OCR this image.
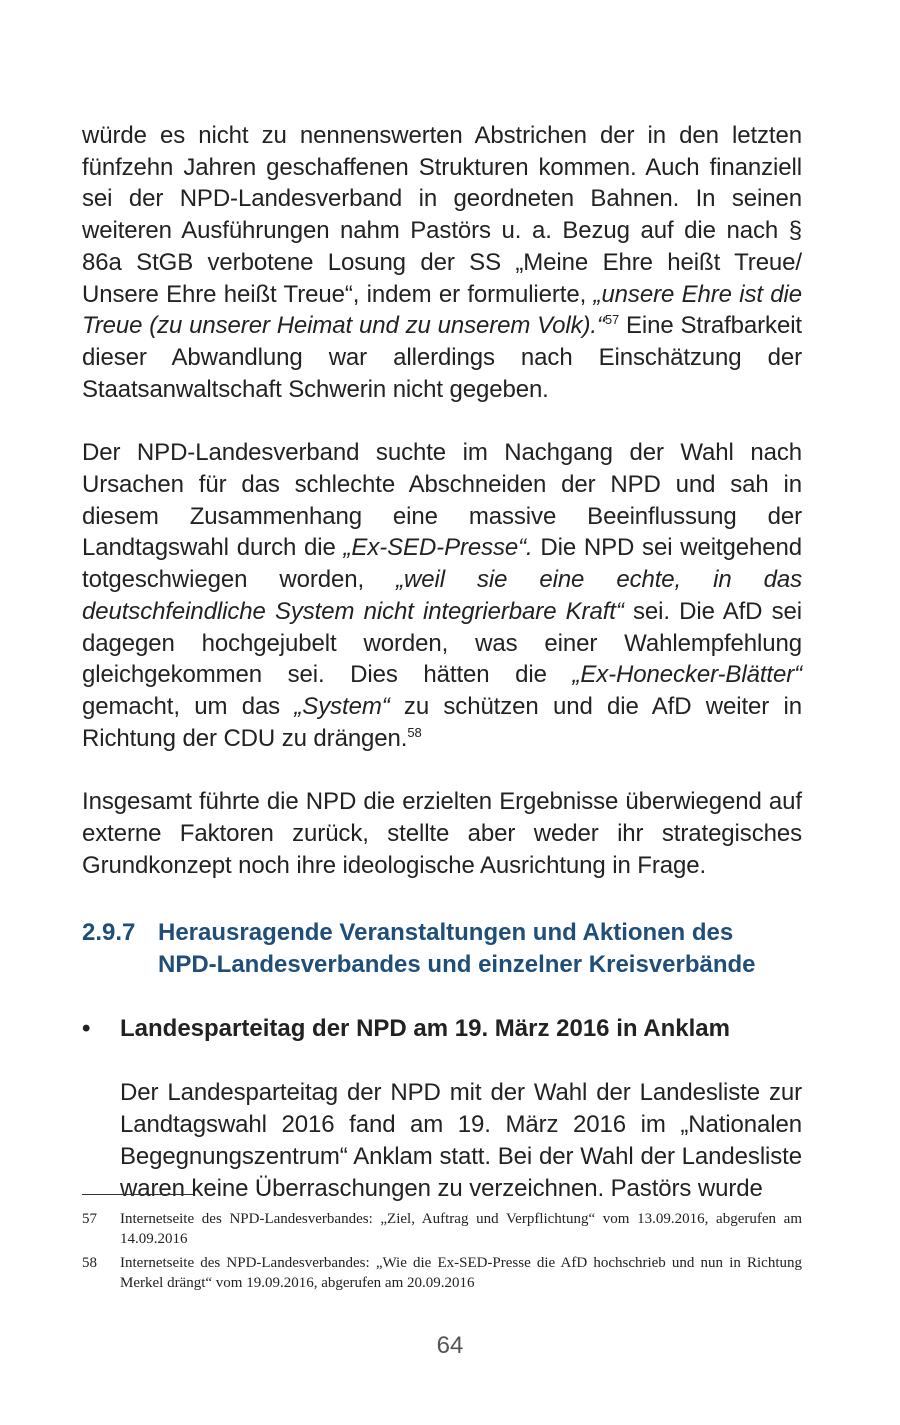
würde es nicht zu nennenswerten Abstrichen der in den letzten fünfzehn Jahren geschaffenen Strukturen kommen. Auch finanziell sei der NPD-Landesverband in geordneten Bahnen. In seinen weiteren Ausführungen nahm Pastörs u. a. Bezug auf die nach § 86a StGB verbotene Losung der SS „Meine Ehre heißt Treue/ Unsere Ehre heißt Treue“, indem er formulierte, „unsere Ehre ist die Treue (zu unserer Heimat und zu unserem Volk).“$^{57}$ Eine Strafbarkeit dieser Abwandlung war allerdings nach Einschätzung der Staatsanwaltschaft Schwerin nicht gegeben.

Der NPD-Landesverband suchte im Nachgang der Wahl nach Ursachen für das schlechte Abschneiden der NPD und sah in diesem Zusammenhang eine massive Beeinflussung der Landtagswahl durch die „Ex-SED-Presse“. Die NPD sei weitgehend totgeschwiegen worden, „weil sie eine echte, in das deutschfeindliche System nicht integrierbare Kraft“ sei. Die AfD sei dagegen hochgejubelt worden, was einer Wahlempfehlung gleichgekommen sei. Dies hätten die „Ex-Honecker-Blätter“ gemacht, um das „System“ zu schützen und die AfD weiter in Richtung der CDU zu drängen.$^{58}$

Insgesamt führte die NPD die erzielten Ergebnisse überwiegend auf externe Faktoren zurück, stellte aber weder ihr strategisches Grundkonzept noch ihre ideologische Ausrichtung in Frage.

2.9.7 Herausragende Veranstaltungen und Aktionen des
NPD-Landesverbandes und einzelner Kreisverbände
•	Landesparteitag der NPD am 19. März 2016 in Anklam

Der Landesparteitag der NPD mit der Wahl der Landesliste zur Landtagswahl 2016 fand am 19. März 2016 im „Nationalen Begegnungszentrum“ Anklam statt. Bei der Wahl der Landesliste waren keine Überraschungen zu verzeichnen. Pastörs wurde

57	Internetseite des NPD-Landesverbandes: „Ziel, Auftrag und Verpflichtung“ vom 13.09.2016, abgerufen am 14.09.2016
58	Internetseite des NPD-Landesverbandes: „Wie die Ex-SED-Presse die AfD hochschrieb und nun in Richtung Merkel drängt“ vom 19.09.2016, abgerufen am 20.09.2016
64
